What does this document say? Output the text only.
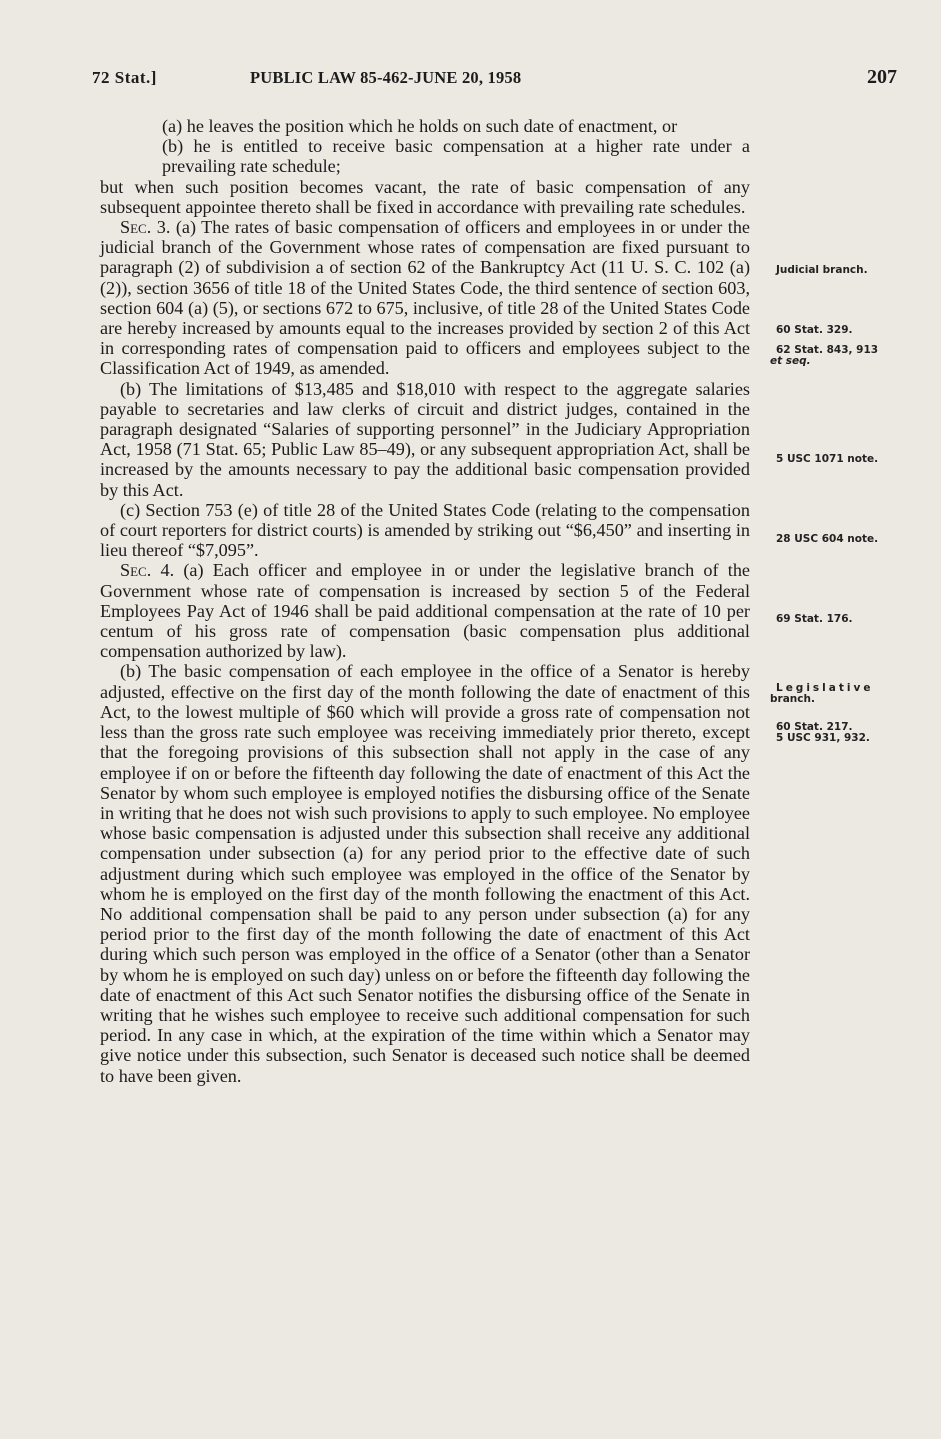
72 Stat.]	PUBLIC LAW 85-462-JUNE 20, 1958	207

(a) he leaves the position which he holds on such date of enactment, or

(b) he is entitled to receive basic compensation at a higher rate under a prevailing rate schedule;

but when such position becomes vacant, the rate of basic compensation of any subsequent appointee thereto shall be fixed in accordance with prevailing rate schedules.

Sec. 3. (a) The rates of basic compensation of officers and employees in or under the judicial branch of the Government whose rates of compensation are fixed pursuant to paragraph (2) of subdivision a of section 62 of the Bankruptcy Act (11 U. S. C. 102 (a) (2)), section 3656 of title 18 of the United States Code, the third sentence of section 603, section 604 (a) (5), or sections 672 to 675, inclusive, of title 28 of the United States Code are hereby increased by amounts equal to the increases provided by section 2 of this Act in corresponding rates of compensation paid to officers and employees subject to the Classification Act of 1949, as amended.

(b) The limitations of $13,485 and $18,010 with respect to the aggregate salaries payable to secretaries and law clerks of circuit and district judges, contained in the paragraph designated “Salaries of supporting personnel” in the Judiciary Appropriation Act, 1958 (71 Stat. 65; Public Law 85–49), or any subsequent appropriation Act, shall be increased by the amounts necessary to pay the additional basic compensation provided by this Act.

(c) Section 753 (e) of title 28 of the United States Code (relating to the compensation of court reporters for district courts) is amended by striking out “$6,450” and inserting in lieu thereof “$7,095”.

Sec. 4. (a) Each officer and employee in or under the legislative branch of the Government whose rate of compensation is increased by section 5 of the Federal Employees Pay Act of 1946 shall be paid additional compensation at the rate of 10 per centum of his gross rate of compensation (basic compensation plus additional compensation authorized by law).

(b) The basic compensation of each employee in the office of a Senator is hereby adjusted, effective on the first day of the month following the date of enactment of this Act, to the lowest multiple of $60 which will provide a gross rate of compensation not less than the gross rate such employee was receiving immediately prior thereto, except that the foregoing provisions of this subsection shall not apply in the case of any employee if on or before the fifteenth day following the date of enactment of this Act the Senator by whom such employee is employed notifies the disbursing office of the Senate in writing that he does not wish such provisions to apply to such employee. No employee whose basic compensation is adjusted under this subsection shall receive any additional compensation under subsection (a) for any period prior to the effective date of such adjustment during which such employee was employed in the office of the Senator by whom he is employed on the first day of the month following the enactment of this Act. No additional compensation shall be paid to any person under subsection (a) for any period prior to the first day of the month following the date of enactment of this Act during which such person was employed in the office of a Senator (other than a Senator by whom he is employed on such day) unless on or before the fifteenth day following the date of enactment of this Act such Senator notifies the disbursing office of the Senate in writing that he wishes such employee to receive such additional compensation for such period. In any case in which, at the expiration of the time within which a Senator may give notice under this subsection, such Senator is deceased such notice shall be deemed to have been given.

Judicial branch.
60 Stat. 329.
62 Stat. 843, 913
et seq.
5 USC 1071 note.
28 USC 604 note.
69 Stat. 176.
Legislative
branch.
60 Stat. 217.
5 USC 931, 932.
